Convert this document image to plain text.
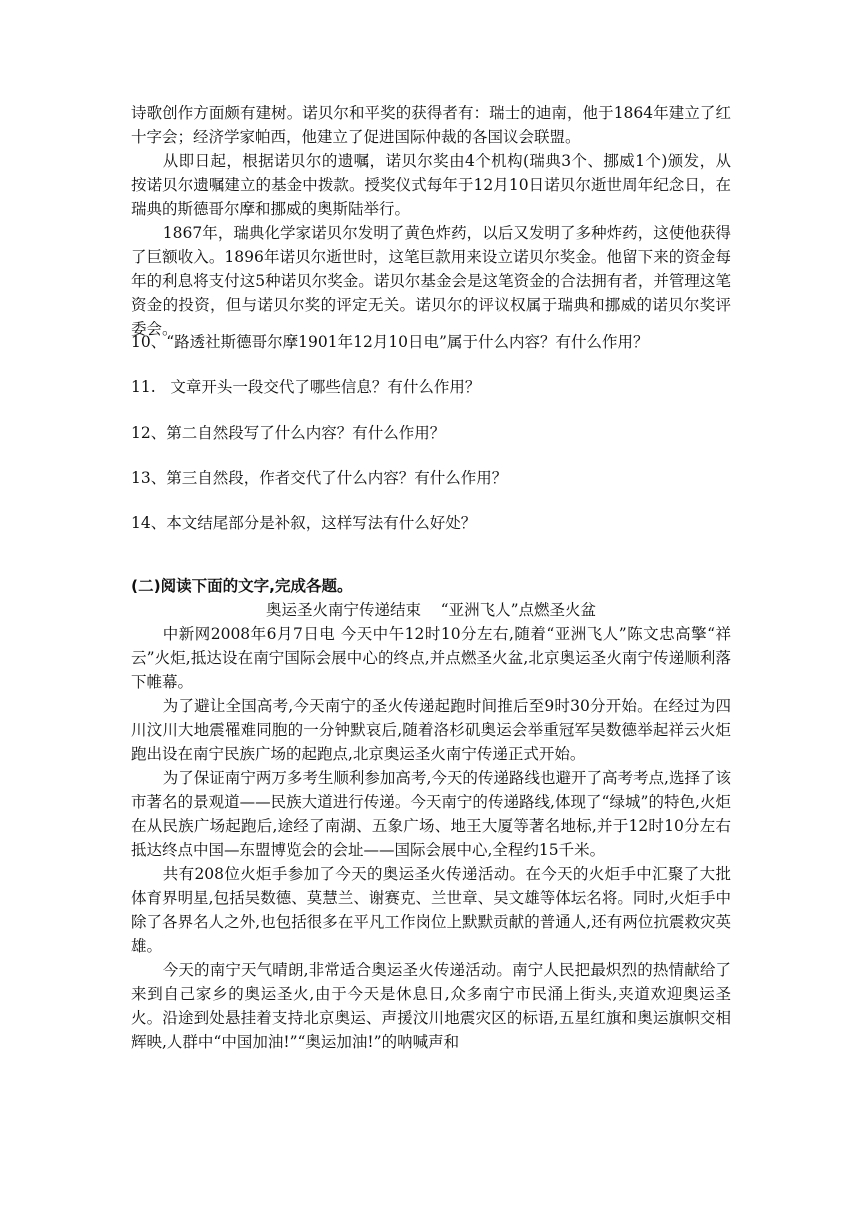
诗歌创作方面颇有建树。诺贝尔和平奖的获得者有：瑞士的迪南，他于1864年建立了红十字会；经济学家帕西，他建立了促进国际仲裁的各国议会联盟。

从即日起，根据诺贝尔的遗嘱，诺贝尔奖由4个机构(瑞典3个、挪威1个)颁发，从按诺贝尔遗嘱建立的基金中拨款。授奖仪式每年于12月10日诺贝尔逝世周年纪念日，在瑞典的斯德哥尔摩和挪威的奥斯陆举行。

1867年，瑞典化学家诺贝尔发明了黄色炸药，以后又发明了多种炸药，这使他获得了巨额收入。1896年诺贝尔逝世时，这笔巨款用来设立诺贝尔奖金。他留下来的资金每年的利息将支付这5种诺贝尔奖金。诺贝尔基金会是这笔资金的合法拥有者，并管理这笔资金的投资，但与诺贝尔奖的评定无关。诺贝尔的评议权属于瑞典和挪威的诺贝尔奖评委会。

10、“路透社斯德哥尔摩1901年12月10日电”属于什么内容？有什么作用？

11.   文章开头一段交代了哪些信息？有什么作用？

12、第二自然段写了什么内容？有什么作用？

13、第三自然段，作者交代了什么内容？有什么作用？

14、本文结尾部分是补叙，这样写法有什么好处？

(二)阅读下面的文字,完成各题。

奥运圣火南宁传递结束    “亚洲飞人”点燃圣火盆

中新网2008年6月7日电 今天中午12时10分左右,随着“亚洲飞人”陈文忠高擎“祥云”火炬,抵达设在南宁国际会展中心的终点,并点燃圣火盆,北京奥运圣火南宁传递顺利落下帷幕。

为了避让全国高考,今天南宁的圣火传递起跑时间推后至9时30分开始。在经过为四川汶川大地震罹难同胞的一分钟默哀后,随着洛杉矶奥运会举重冠军吴数德举起祥云火炬跑出设在南宁民族广场的起跑点,北京奥运圣火南宁传递正式开始。

为了保证南宁两万多考生顺利参加高考,今天的传递路线也避开了高考考点,选择了该市著名的景观道——民族大道进行传递。今天南宁的传递路线,体现了“绿城”的特色,火炬在从民族广场起跑后,途经了南湖、五象广场、地王大厦等著名地标,并于12时10分左右抵达终点中国—东盟博览会的会址——国际会展中心,全程约15千米。

共有208位火炬手参加了今天的奥运圣火传递活动。在今天的火炬手中汇聚了大批体育界明星,包括吴数德、莫慧兰、谢赛克、兰世章、吴文雄等体坛名将。同时,火炬手中除了各界名人之外,也包括很多在平凡工作岗位上默默贡献的普通人,还有两位抗震救灾英雄。

今天的南宁天气晴朗,非常适合奥运圣火传递活动。南宁人民把最炽烈的热情献给了来到自己家乡的奥运圣火,由于今天是休息日,众多南宁市民涌上街头,夹道欢迎奥运圣火。沿途到处悬挂着支持北京奥运、声援汶川地震灾区的标语,五星红旗和奥运旗帜交相辉映,人群中“中国加油!”“奥运加油!”的呐喊声和
